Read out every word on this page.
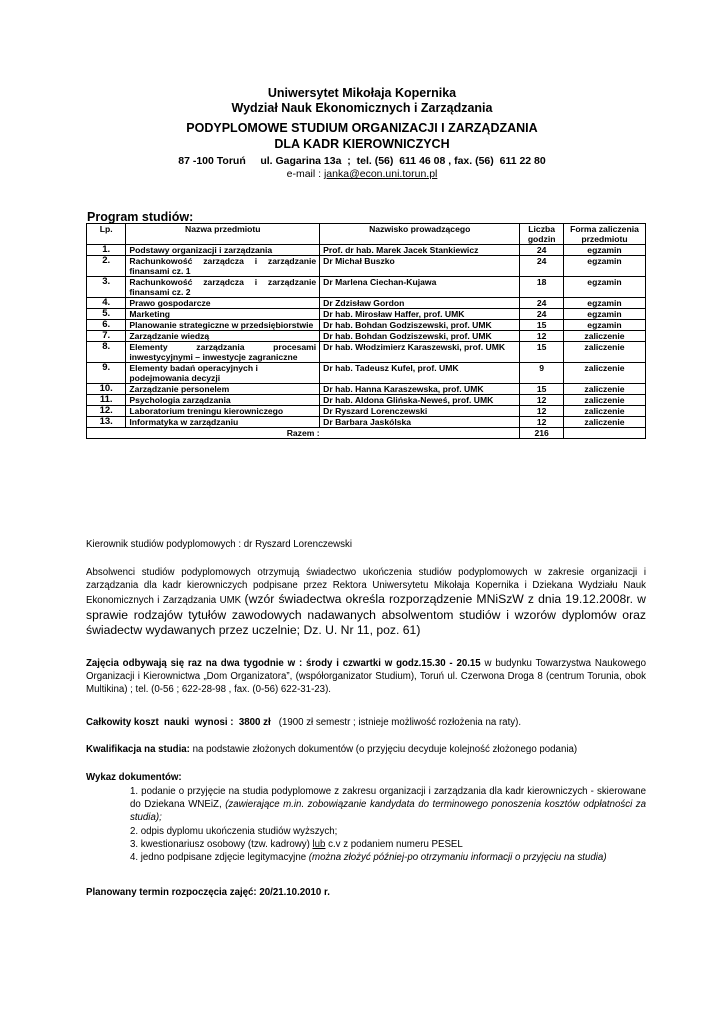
Uniwersytet Mikołaja Kopernika
Wydział Nauk Ekonomicznych i Zarządzania
PODYPLOMOWE STUDIUM ORGANIZACJI I ZARZĄDZANIA
DLA KADR KIEROWNICZYCH
87 -100 Toruń     ul. Gagarina 13a  ;  tel. (56)  611 46 08 , fax. (56)  611 22 80
e-mail : janka@econ.uni.torun.pl
Program studiów:
Lp.	Nazwa przedmiotu	Nazwisko prowadzącego	Liczba godzin	Forma zaliczenia przedmiotu
1.	Podstawy organizacji i zarządzania	Prof. dr hab. Marek Jacek Stankiewicz	24	egzamin
2.	Rachunkowość zarządcza i zarządzanie finansami cz. 1	Dr Michał Buszko	24	egzamin
3.	Rachunkowość zarządcza i zarządzanie finansami cz. 2	Dr Marlena Ciechan-Kujawa	18	egzamin
4.	Prawo gospodarcze	Dr Zdzisław Gordon	24	egzamin
5.	Marketing	Dr hab. Mirosław Haffer, prof. UMK	24	egzamin
6.	Planowanie strategiczne w przedsiębiorstwie	Dr hab. Bohdan Godziszewski, prof. UMK	15	egzamin
7.	Zarządzanie wiedzą	Dr hab. Bohdan Godziszewski, prof. UMK	12	zaliczenie
8.	Elementy zarządzania procesami inwestycyjnymi – inwestycje zagraniczne	Dr hab. Włodzimierz Karaszewski, prof. UMK	15	zaliczenie
9.	Elementy badań operacyjnych i podejmowania decyzji	Dr hab. Tadeusz Kufel, prof. UMK	9	zaliczenie
10.	Zarządzanie personelem	Dr hab. Hanna Karaszewska, prof. UMK	15	zaliczenie
11.	Psychologia zarządzania	Dr hab. Aldona Glińska-Neweś, prof. UMK	12	zaliczenie
12.	Laboratorium treningu kierowniczego	Dr Ryszard Lorenczewski	12	zaliczenie
13.	Informatyka w zarządzaniu	Dr Barbara Jaskólska	12	zaliczenie
Razem :			216	
Kierownik studiów podyplomowych : dr Ryszard Lorenczewski
Absolwenci studiów podyplomowych otrzymują świadectwo ukończenia studiów podyplomowych w zakresie organizacji i zarządzania dla kadr kierowniczych podpisane przez Rektora Uniwersytetu Mikołaja Kopernika i Dziekana Wydziału Nauk Ekonomicznych i Zarządzania UMK (wzór świadectwa określa rozporządzenie MNiSzW z dnia 19.12.2008r. w sprawie rodzajów tytułów zawodowych nadawanych absolwentom studiów i wzorów dyplomów oraz świadectw wydawanych przez uczelnie; Dz. U. Nr 11, poz. 61)
Zajęcia odbywają się raz na dwa tygodnie w : środy i czwartki w godz.15.30 - 20.15 w budynku Towarzystwa Naukowego Organizacji i Kierownictwa „Dom Organizatora”, (współorganizator Studium), Toruń ul. Czerwona Droga 8 (centrum Torunia, obok Multikina) ; tel. (0-56 ; 622-28-98 , fax. (0-56) 622-31-23).
Całkowity koszt  nauki  wynosi :  3800 zł   (1900 zł semestr ; istnieje możliwość rozłożenia na raty).
Kwalifikacja na studia: na podstawie złożonych dokumentów (o przyjęciu decyduje kolejność złożonego podania)
Wykaz dokumentów:
1. podanie o przyjęcie na studia podyplomowe z zakresu organizacji i zarządzania dla kadr kierowniczych - skierowane do Dziekana WNEiZ, (zawierające m.in. zobowiązanie kandydata do terminowego ponoszenia kosztów odpłatności za studia);
2. odpis dyplomu ukończenia studiów wyższych;
3. kwestionariusz osobowy (tzw. kadrowy) lub c.v z podaniem numeru PESEL
4. jedno podpisane zdjęcie legitymacyjne (można złożyć później-po otrzymaniu informacji o przyjęciu na studia)
Planowany termin rozpoczęcia zajęć: 20/21.10.2010 r.
